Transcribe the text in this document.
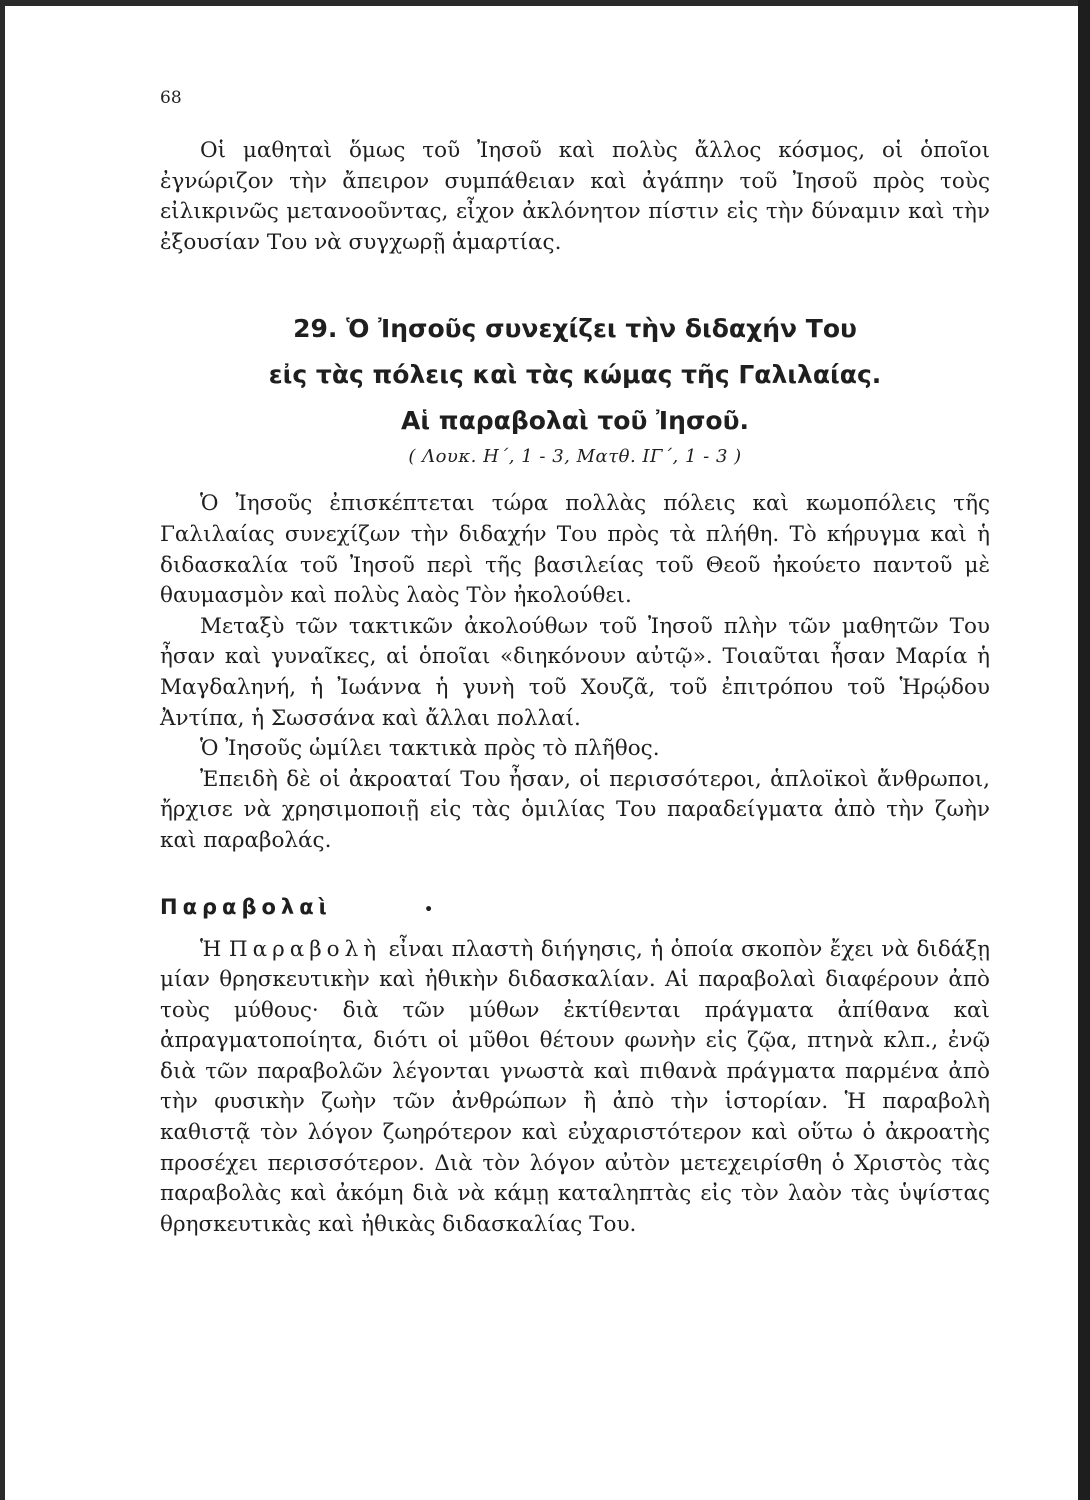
68

Οἱ μαθηταὶ ὅμως τοῦ Ἰησοῦ καὶ πολὺς ἄλλος κόσμος, οἱ ὁποῖοι ἐγνώριζον τὴν ἄπειρον συμπάθειαν καὶ ἀγάπην τοῦ Ἰησοῦ πρὸς τοὺς εἰλικρινῶς μετανοοῦντας, εἶχον ἀκλόνητον πίστιν εἰς τὴν δύναμιν καὶ τὴν ἐξουσίαν Του νὰ συγχωρῇ ἁμαρτίας.

29. Ὁ Ἰησοῦς συνεχίζει τὴν διδαχήν Του

εἰς τὰς πόλεις καὶ τὰς κώμας τῆς Γαλιλαίας.

Αἱ παραβολαὶ τοῦ Ἰησοῦ.

( Λουκ. Η΄, 1 - 3, Ματθ. ΙΓ΄, 1 - 3 )

Ὁ Ἰησοῦς ἐπισκέπτεται τώρα πολλὰς πόλεις καὶ κωμοπόλεις τῆς Γαλιλαίας συνεχίζων τὴν διδαχήν Του πρὸς τὰ πλήθη. Τὸ κήρυγμα καὶ ἡ διδασκαλία τοῦ Ἰησοῦ περὶ τῆς βασιλείας τοῦ Θεοῦ ἠκούετο παντοῦ μὲ θαυμασμὸν καὶ πολὺς λαὸς Τὸν ἠκολούθει.

Μεταξὺ τῶν τακτικῶν ἀκολούθων τοῦ Ἰησοῦ πλὴν τῶν μαθητῶν Του ἦσαν καὶ γυναῖκες, αἱ ὁποῖαι «διηκόνουν αὐτῷ». Τοιαῦται ἦσαν Μαρία ἡ Μαγδαληνή, ἡ Ἰωάννα ἡ γυνὴ τοῦ Χουζᾶ, τοῦ ἐπιτρόπου τοῦ Ἡρῴδου Ἀντίπα, ἡ Σωσσάνα καὶ ἄλλαι πολλαί.

Ὁ Ἰησοῦς ὡμίλει τακτικὰ πρὸς τὸ πλῆθος.

Ἐπειδὴ δὲ οἱ ἀκροαταί Του ἦσαν, οἱ περισσότεροι, ἁπλοϊκοὶ ἄνθρωποι, ἤρχισε νὰ χρησιμοποιῇ εἰς τὰς ὁμιλίας Του παραδείγματα ἀπὸ τὴν ζωὴν καὶ παραβολάς.

Παραβολαὶ	•

Ἡ Παραβολὴ εἶναι πλαστὴ διήγησις, ἡ ὁποία σκοπὸν ἔχει νὰ διδάξῃ μίαν θρησκευτικὴν καὶ ἠθικὴν διδασκαλίαν. Αἱ παραβολαὶ διαφέρουν ἀπὸ τοὺς μύθους· διὰ τῶν μύθων ἐκτίθενται πράγματα ἀπίθανα καὶ ἀπραγματοποίητα, διότι οἱ μῦθοι θέτουν φωνὴν εἰς ζῷα, πτηνὰ κλπ., ἐνῷ διὰ τῶν παραβολῶν λέγονται γνωστὰ καὶ πιθανὰ πράγματα παρμένα ἀπὸ τὴν φυσικὴν ζωὴν τῶν ἀνθρώπων ἢ ἀπὸ τὴν ἱστορίαν. Ἡ παραβολὴ καθιστᾷ τὸν λόγον ζωηρότερον καὶ εὐχαριστότερον καὶ οὕτω ὁ ἀκροατὴς προσέχει περισσότερον. Διὰ τὸν λόγον αὐτὸν μετεχειρίσθη ὁ Χριστὸς τὰς παραβολὰς καὶ ἀκόμη διὰ νὰ κάμῃ καταληπτὰς εἰς τὸν λαὸν τὰς ὑψίστας θρησκευτικὰς καὶ ἠθικὰς διδασκαλίας Του.
